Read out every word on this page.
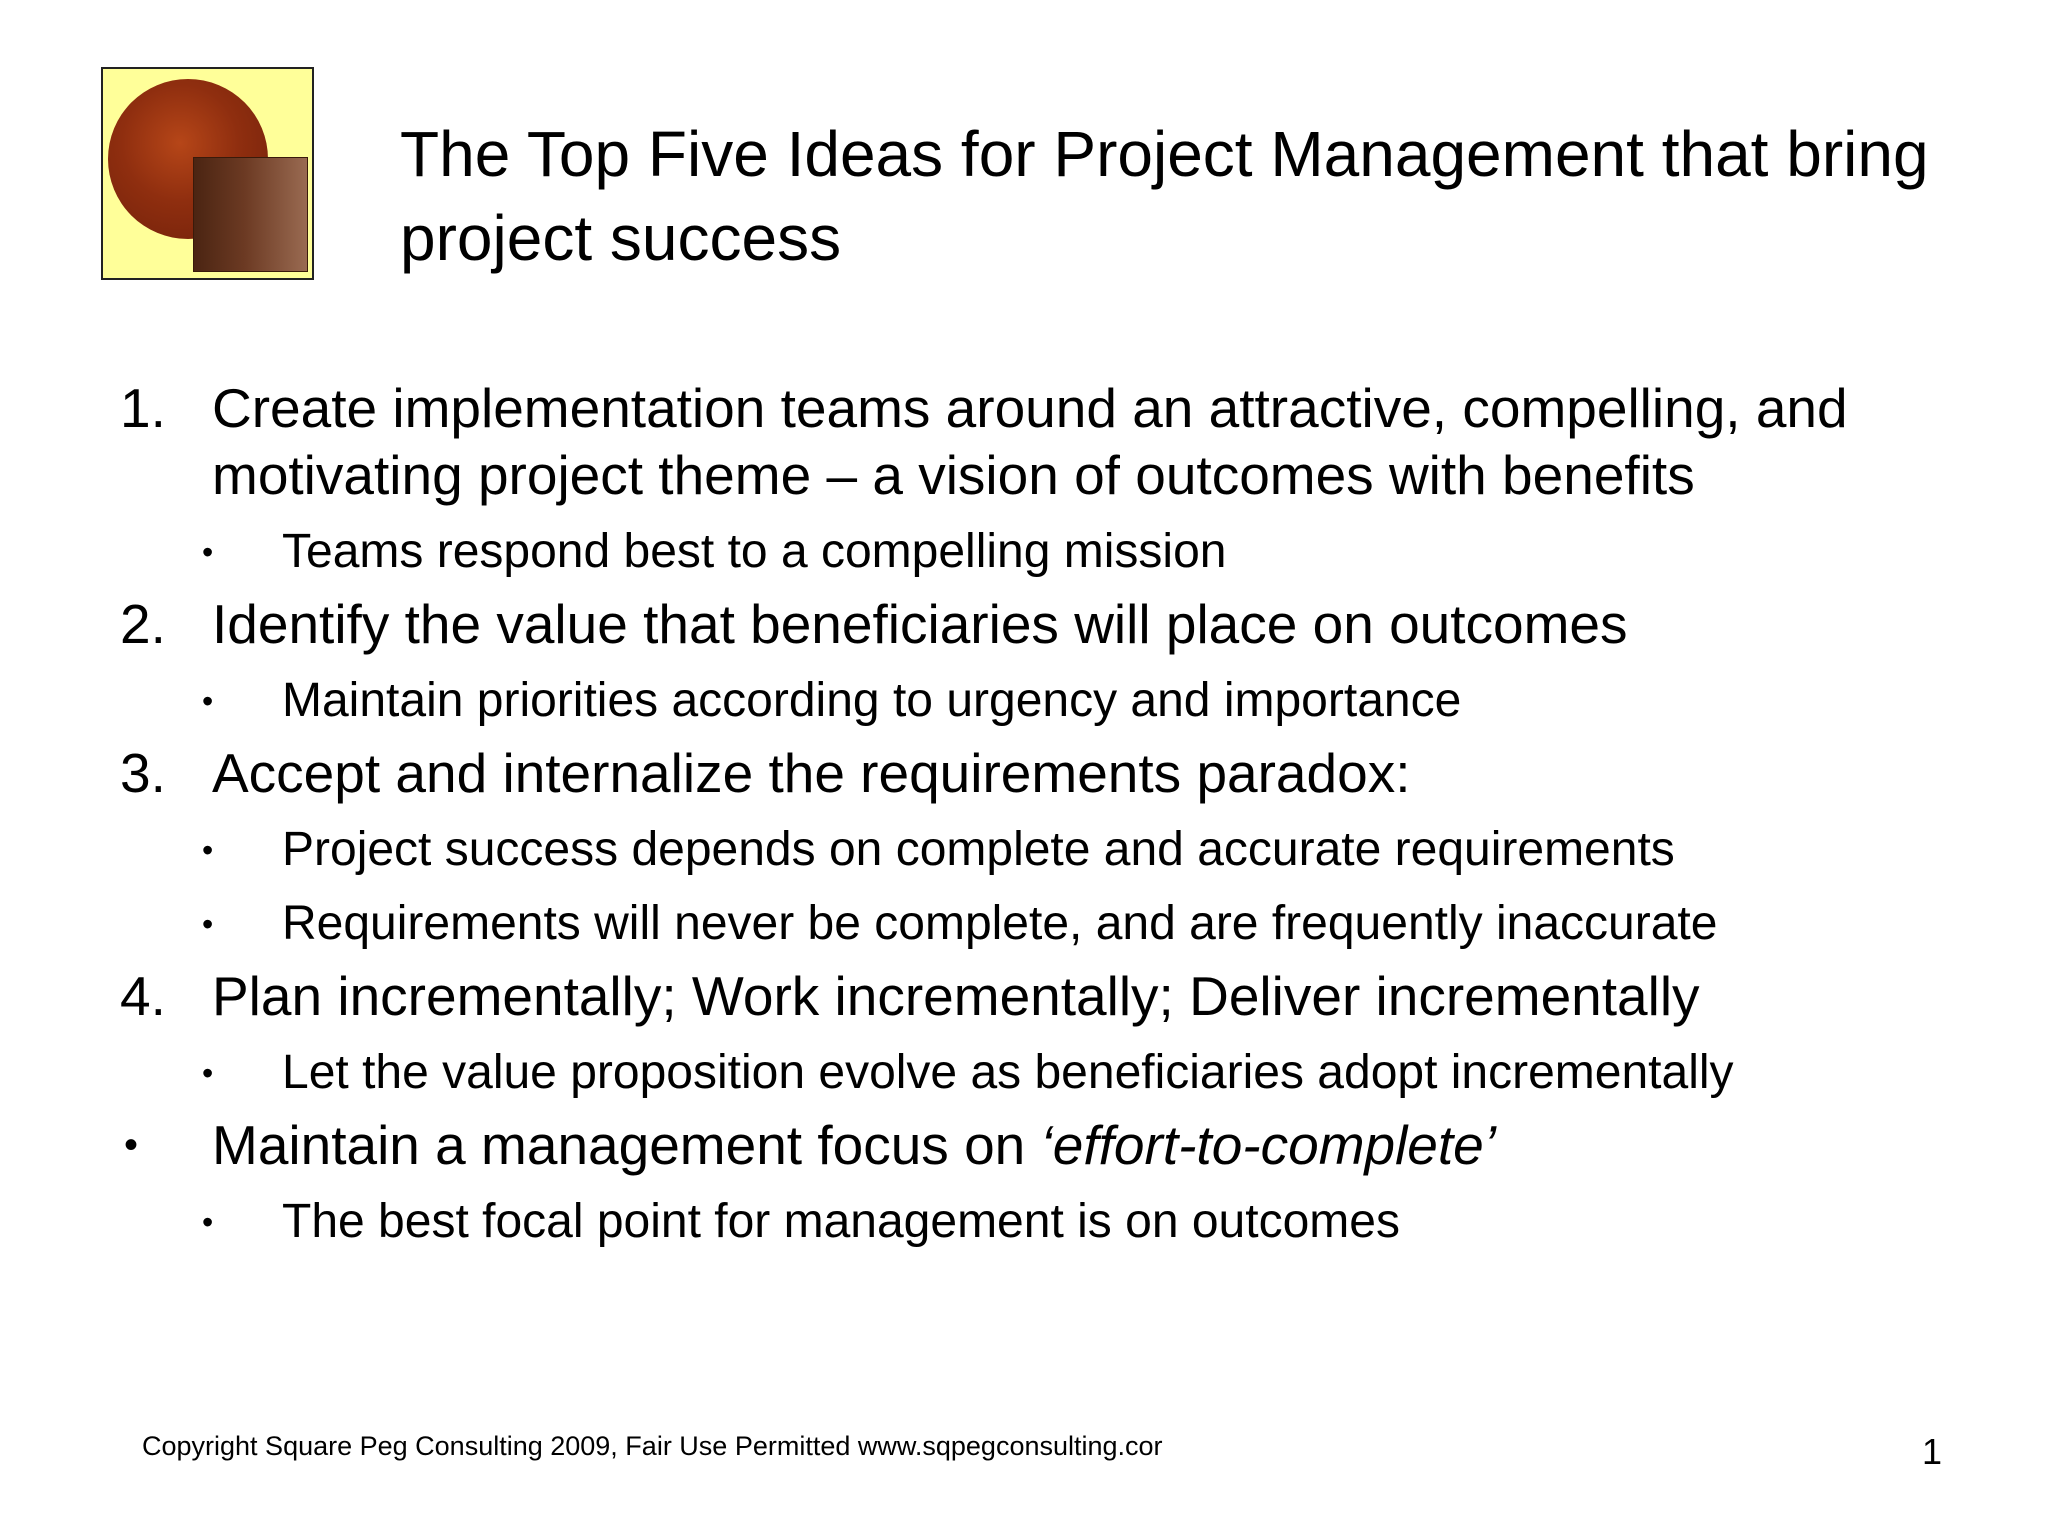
The Top Five Ideas for Project Management that bring project success

1. Create implementation teams around an attractive, compelling, and motivating project theme – a vision of outcomes with benefits

• Teams respond best to a compelling mission

2. Identify the value that beneficiaries will place on outcomes

• Maintain priorities according to urgency and importance

3. Accept and internalize the requirements paradox:

• Project success depends on complete and accurate requirements

• Requirements will never be complete, and are frequently inaccurate

4. Plan incrementally; Work incrementally; Deliver incrementally

• Let the value proposition evolve as beneficiaries adopt incrementally

• Maintain a management focus on ‘effort-to-complete’

• The best focal point for management is on outcomes

Copyright Square Peg Consulting 2009, Fair Use Permitted www.sqpegconsulting.cor	1
